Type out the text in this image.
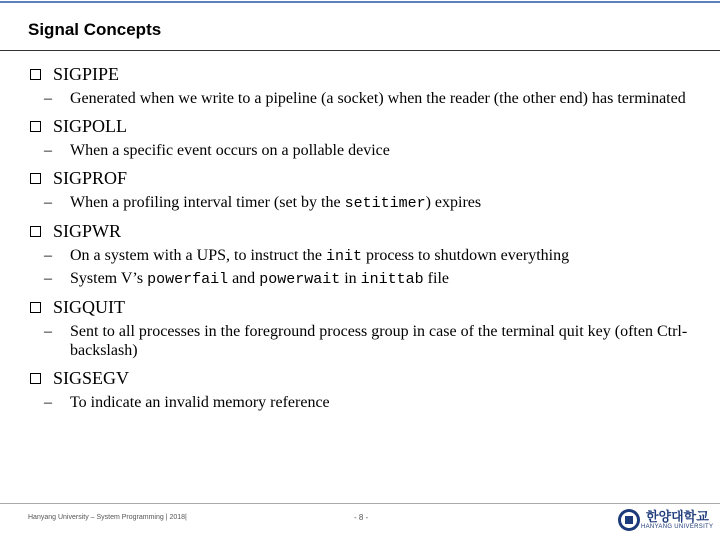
Signal Concepts
SIGPIPE
– Generated when we write to a pipeline (a socket) when the reader (the other end) has terminated
SIGPOLL
– When a specific event occurs on a pollable device
SIGPROF
– When a profiling interval timer (set by the setitimer) expires
SIGPWR
– On a system with a UPS, to instruct the init process to shutdown everything
– System V’s powerfail and powerwait in inittab file
SIGQUIT
– Sent to all processes in the foreground process group in case of the terminal quit key (often Ctrl-backslash)
SIGSEGV
– To indicate an invalid memory reference
Hanyang University – System Programming | 2018|	- 8 -	한양대학교
HANYANG UNIVERSITY
